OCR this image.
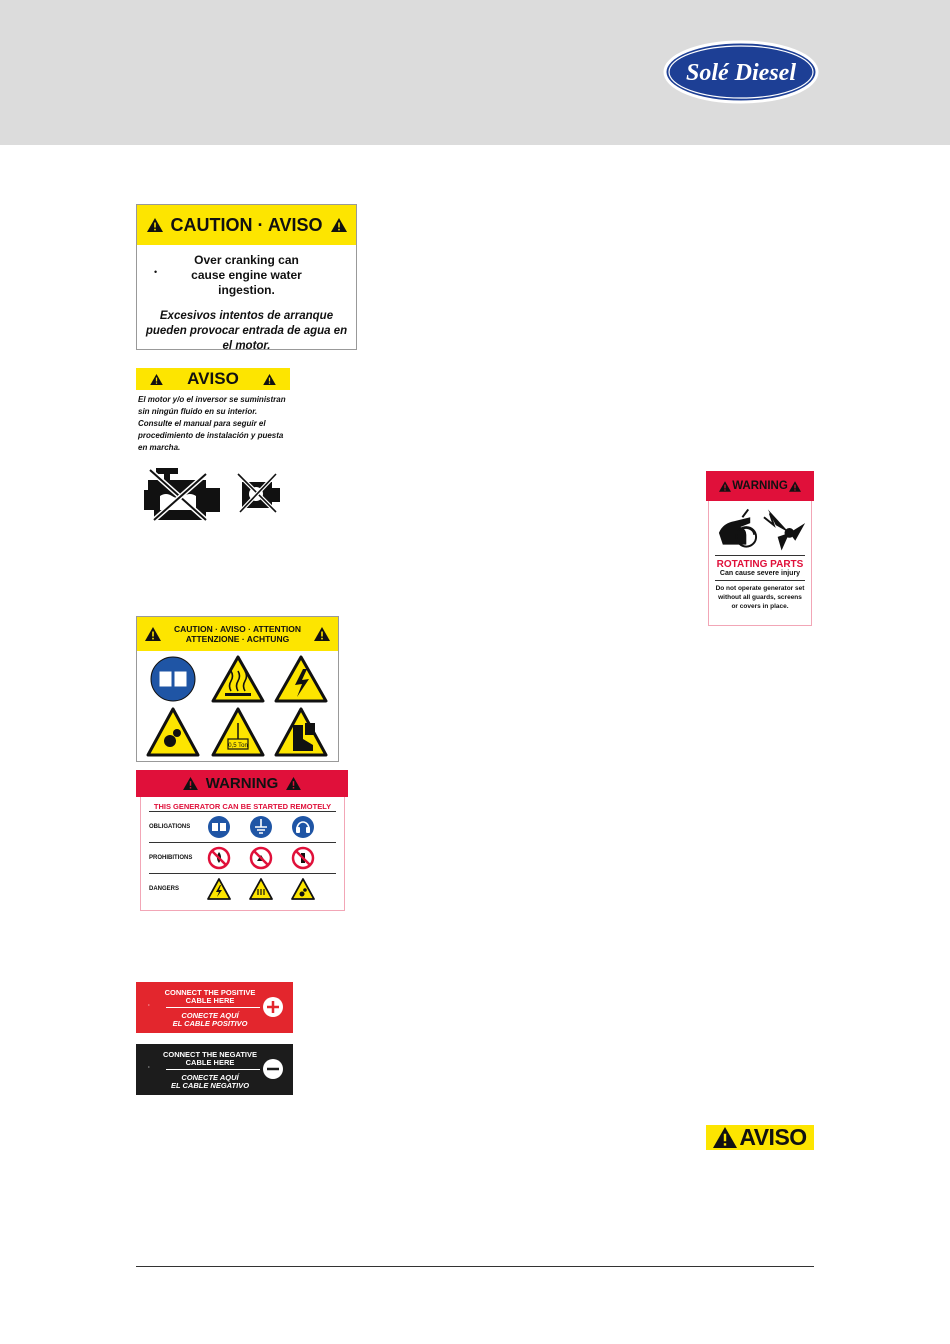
Solé Diesel
CAUTION · AVISO
•
Over cranking can cause engine water ingestion.
Excesivos intentos de arranque pueden provocar entrada de agua en el motor.
AVISO
El motor y/o el inversor se suministran sin ningún fluido en su interior. Consulte el manual para seguir el procedimiento de instalación y puesta en marcha.
WARNING
ROTATING PARTS
Can cause severe injury
Do not operate generator set without all guards, screens or covers in place.
CAUTION · AVISO · ATTENTION
ATTENZIONE · ACHTUNG
0,5 Ton
WARNING
THIS GENERATOR CAN BE STARTED REMOTELY
OBLIGATIONS
PROHIBITIONS
DANGERS
CONNECT THE POSITIVE
CABLE HERE
CONECTE AQUÍ
EL CABLE POSITIVO
·
CONNECT THE NEGATIVE
CABLE HERE
CONECTE AQUÍ
EL CABLE NEGATIVO
·
AVISO
